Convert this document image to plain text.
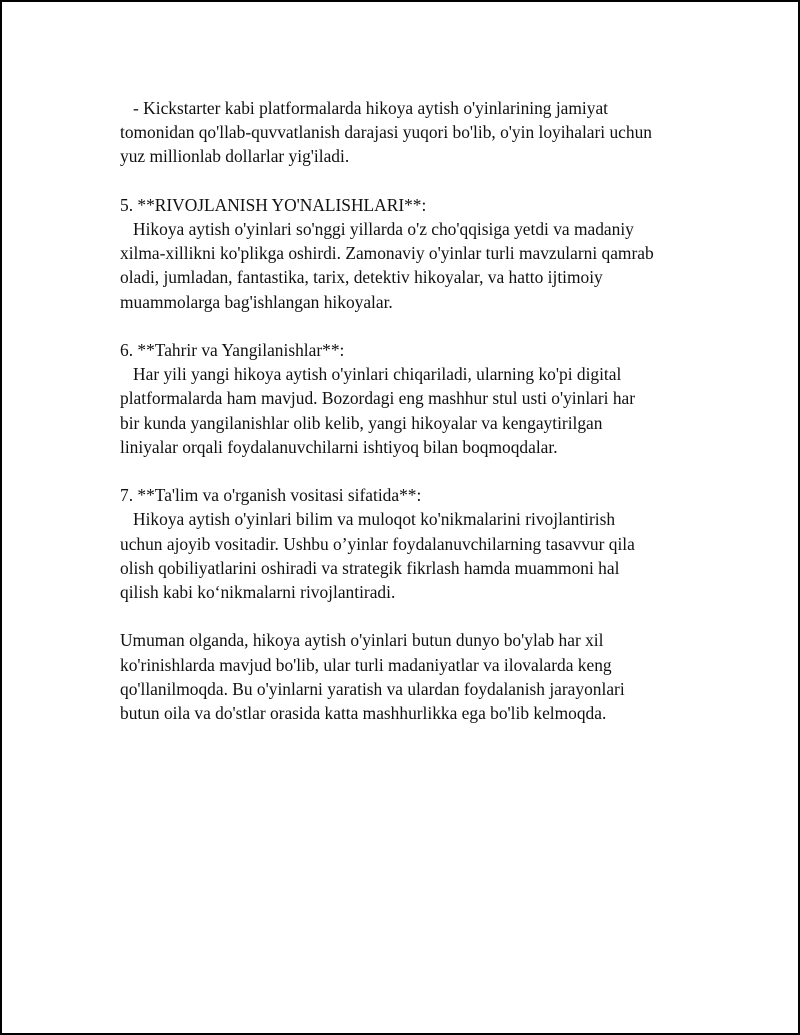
- Kickstarter kabi platformalarda hikoya aytish o'yinlarining jamiyat
tomonidan qo'llab-quvvatlanish darajasi yuqori bo'lib, o'yin loyihalari uchun
yuz millionlab dollarlar yig'iladi.

5. **RIVOJLANISH YO'NALISHLARI**:
Hikoya aytish o'yinlari so'nggi yillarda o'z cho'qqisiga yetdi va madaniy
xilma-xillikni ko'plikga oshirdi. Zamonaviy o'yinlar turli mavzularni qamrab
oladi, jumladan, fantastika, tarix, detektiv hikoyalar, va hatto ijtimoiy
muammolarga bag'ishlangan hikoyalar.

6. **Tahrir va Yangilanishlar**:
Har yili yangi hikoya aytish o'yinlari chiqariladi, ularning ko'pi digital
platformalarda ham mavjud. Bozordagi eng mashhur stul usti o'yinlari har
bir kunda yangilanishlar olib kelib, yangi hikoyalar va kengaytirilgan
liniyalar orqali foydalanuvchilarni ishtiyoq bilan boqmoqdalar.

7. **Ta'lim va o'rganish vositasi sifatida**:
Hikoya aytish o'yinlari bilim va muloqot ko'nikmalarini rivojlantirish
uchun ajoyib vositadir. Ushbu o’yinlar foydalanuvchilarning tasavvur qila
olish qobiliyatlarini oshiradi va strategik fikrlash hamda muammoni hal
qilish kabi ko‘nikmalarni rivojlantiradi.

Umuman olganda, hikoya aytish o'yinlari butun dunyo bo'ylab har xil
ko'rinishlarda mavjud bo'lib, ular turli madaniyatlar va ilovalarda keng
qo'llanilmoqda. Bu o'yinlarni yaratish va ulardan foydalanish jarayonlari
butun oila va do'stlar orasida katta mashhurlikka ega bo'lib kelmoqda.
